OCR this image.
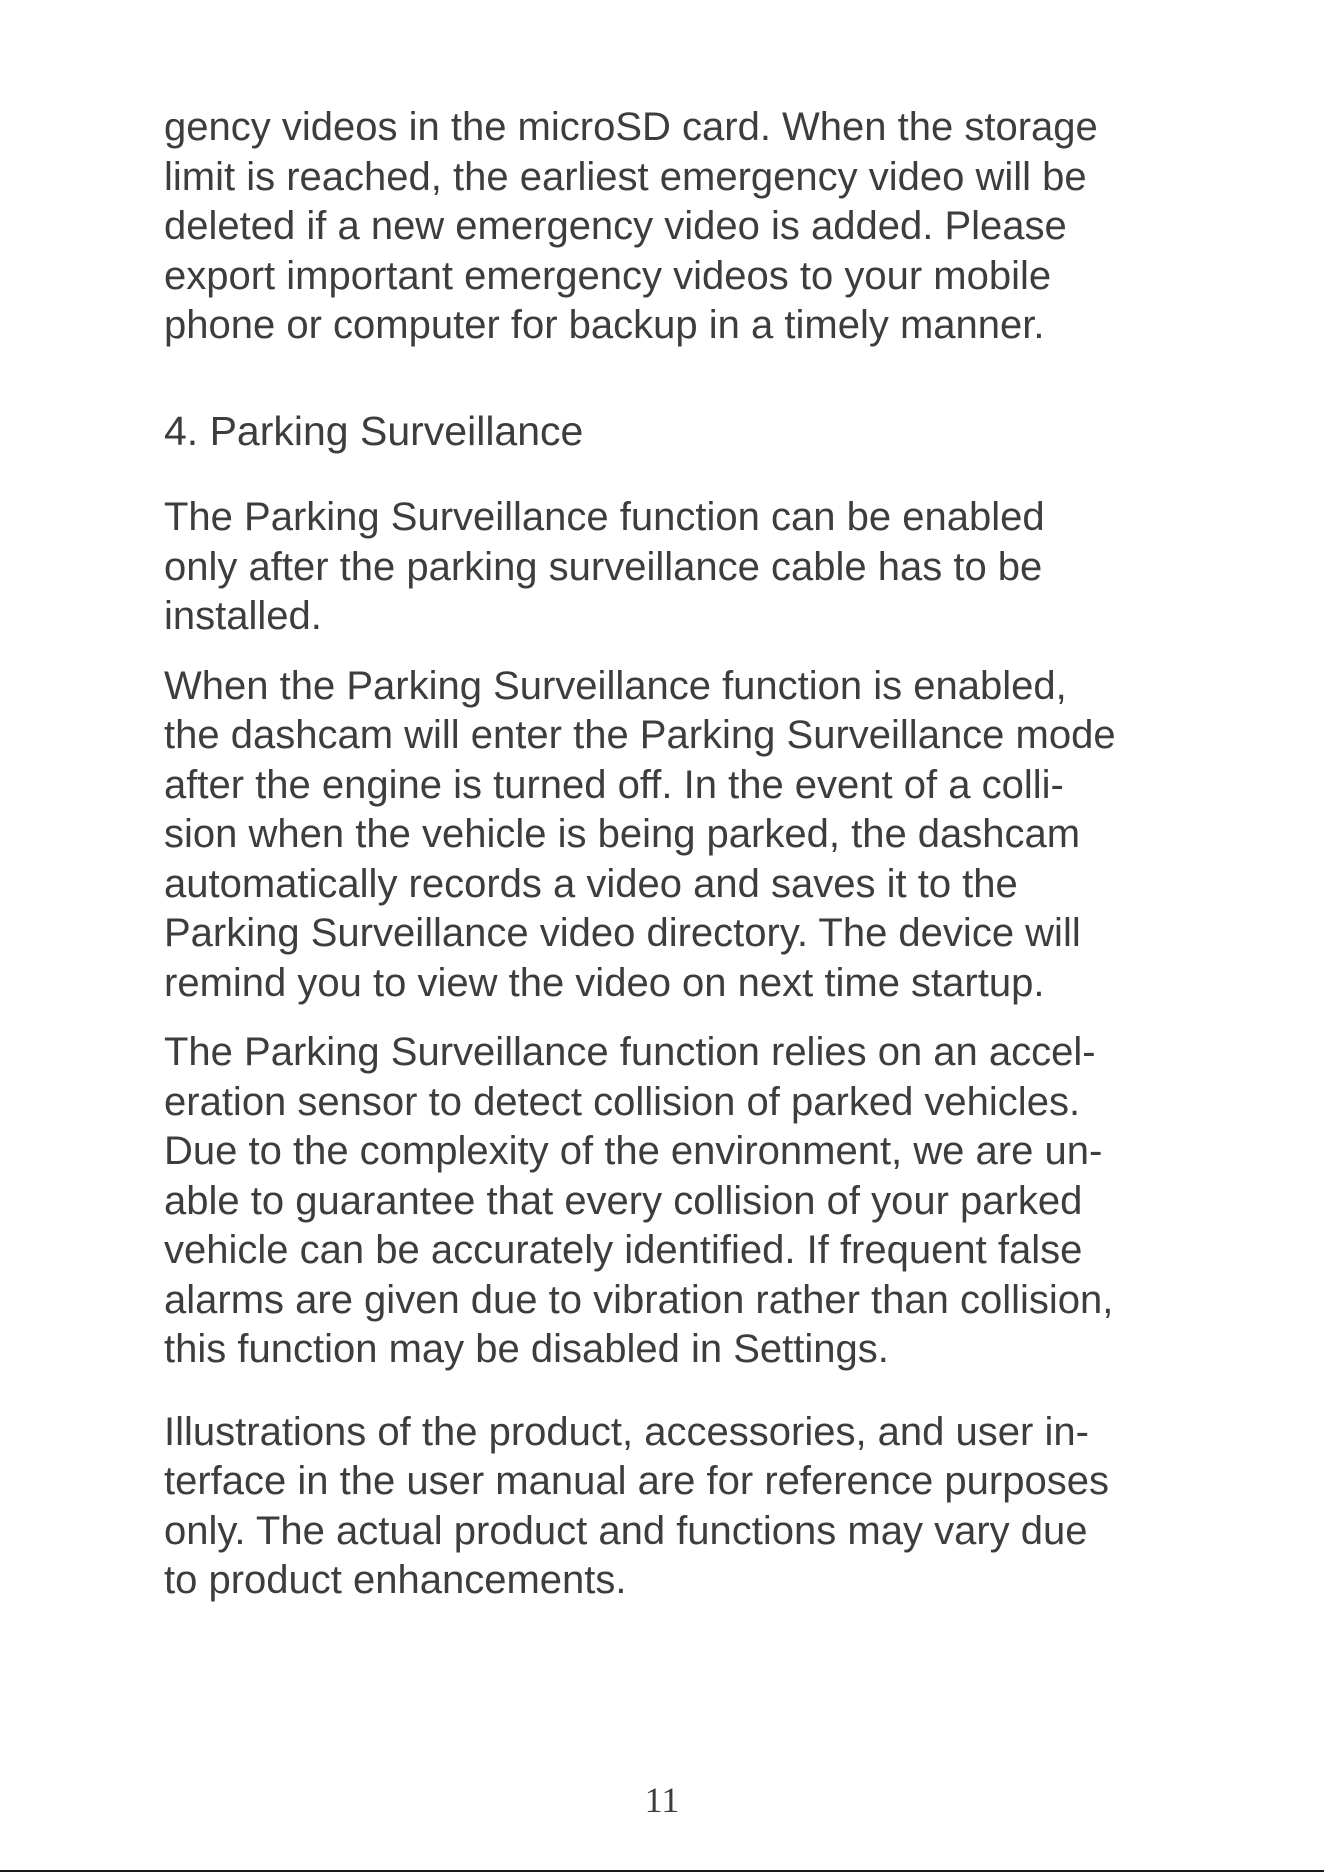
gency videos in the microSD card. When the storage
limit is reached, the earliest emergency video will be
deleted if a new emergency video is added. Please
export important emergency videos to your mobile
phone or computer for backup in a timely manner.

4. Parking Surveillance

The Parking Surveillance function can be enabled
only after the parking surveillance cable has to be
installed.

When the Parking Surveillance function is enabled,
the dashcam will enter the Parking Surveillance mode
after the engine is turned off. In the event of a colli-
sion when the vehicle is being parked, the dashcam
automatically records a video and saves it to the
Parking Surveillance video directory. The device will
remind you to view the video on next time startup.

The Parking Surveillance function relies on an accel-
eration sensor to detect collision of parked vehicles.
Due to the complexity of the environment, we are un-
able to guarantee that every collision of your parked
vehicle can be accurately identified. If frequent false
alarms are given due to vibration rather than collision,
this function may be disabled in Settings.

Illustrations of the product, accessories, and user in-
terface in the user manual are for reference purposes
only. The actual product and functions may vary due
to product enhancements.

11
